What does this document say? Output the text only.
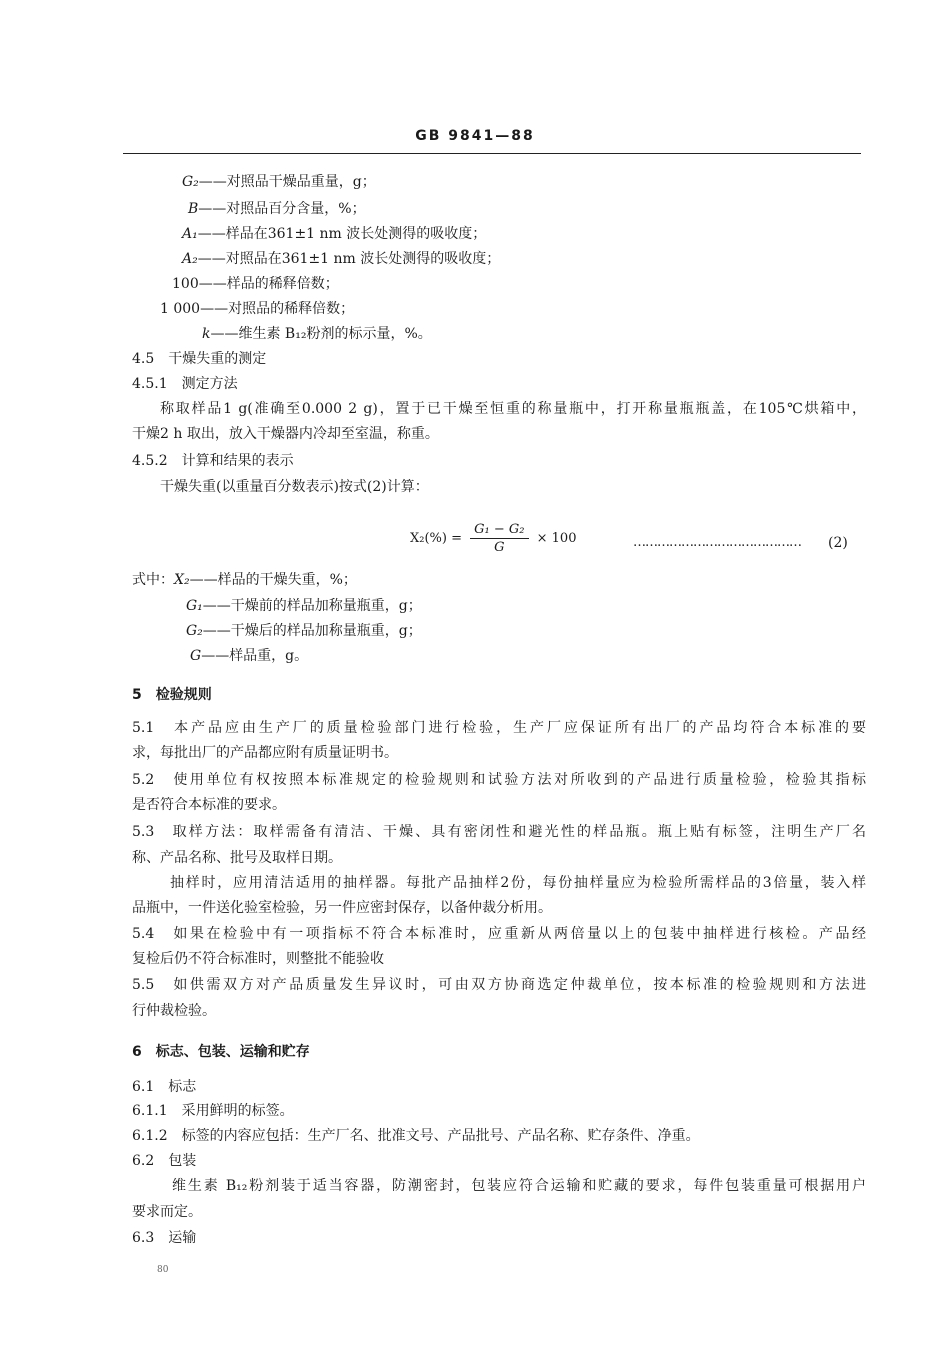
GB 9841—88
G₂——对照品干燥品重量，g；
B——对照品百分含量，%；
A₁——样品在361±1 nm 波长处测得的吸收度；
A₂——对照品在361±1 nm 波长处测得的吸收度；
100——样品的稀释倍数；
1 000——对照品的稀释倍数；
k——维生素 B₁₂粉剂的标示量，%。
4.5　干燥失重的测定
4.5.1　测定方法
称取样品1 g(准确至0.000 2 g)，置于已干燥至恒重的称量瓶中，打开称量瓶瓶盖，在105℃烘箱中，
干燥2 h 取出，放入干燥器内冷却至室温，称重。
4.5.2　计算和结果的表示
干燥失重(以重量百分数表示)按式(2)计算：
$X_2(\%) = \frac{\text{G₁ − G₂}}{G} \times 100$	…………………………………… (2)
式中：X₂——样品的干燥失重，%；
G₁——干燥前的样品加称量瓶重，g；
G₂——干燥后的样品加称量瓶重，g；
G——样品重，g。
5　检验规则
5.1　本产品应由生产厂的质量检验部门进行检验，生产厂应保证所有出厂的产品均符合本标准的要
求，每批出厂的产品都应附有质量证明书。
5.2　使用单位有权按照本标准规定的检验规则和试验方法对所收到的产品进行质量检验，检验其指标
是否符合本标准的要求。
5.3　取样方法：取样需备有清洁、干燥、具有密闭性和避光性的样品瓶。瓶上贴有标签，注明生产厂名
称、产品名称、批号及取样日期。
抽样时，应用清洁适用的抽样器。每批产品抽样2份，每份抽样量应为检验所需样品的3倍量，装入样
品瓶中，一件送化验室检验，另一件应密封保存，以备仲裁分析用。
5.4　如果在检验中有一项指标不符合本标准时，应重新从两倍量以上的包装中抽样进行核检。产品经
复检后仍不符合标准时，则整批不能验收
5.5　如供需双方对产品质量发生异议时，可由双方协商选定仲裁单位，按本标准的检验规则和方法进
行仲裁检验。
6　标志、包装、运输和贮存
6.1　标志
6.1.1　采用鲜明的标签。
6.1.2　标签的内容应包括：生产厂名、批准文号、产品批号、产品名称、贮存条件、净重。
6.2　包装
维生素 B₁₂粉剂装于适当容器，防潮密封，包装应符合运输和贮藏的要求，每件包装重量可根据用户
要求而定。
6.3　运输
80
